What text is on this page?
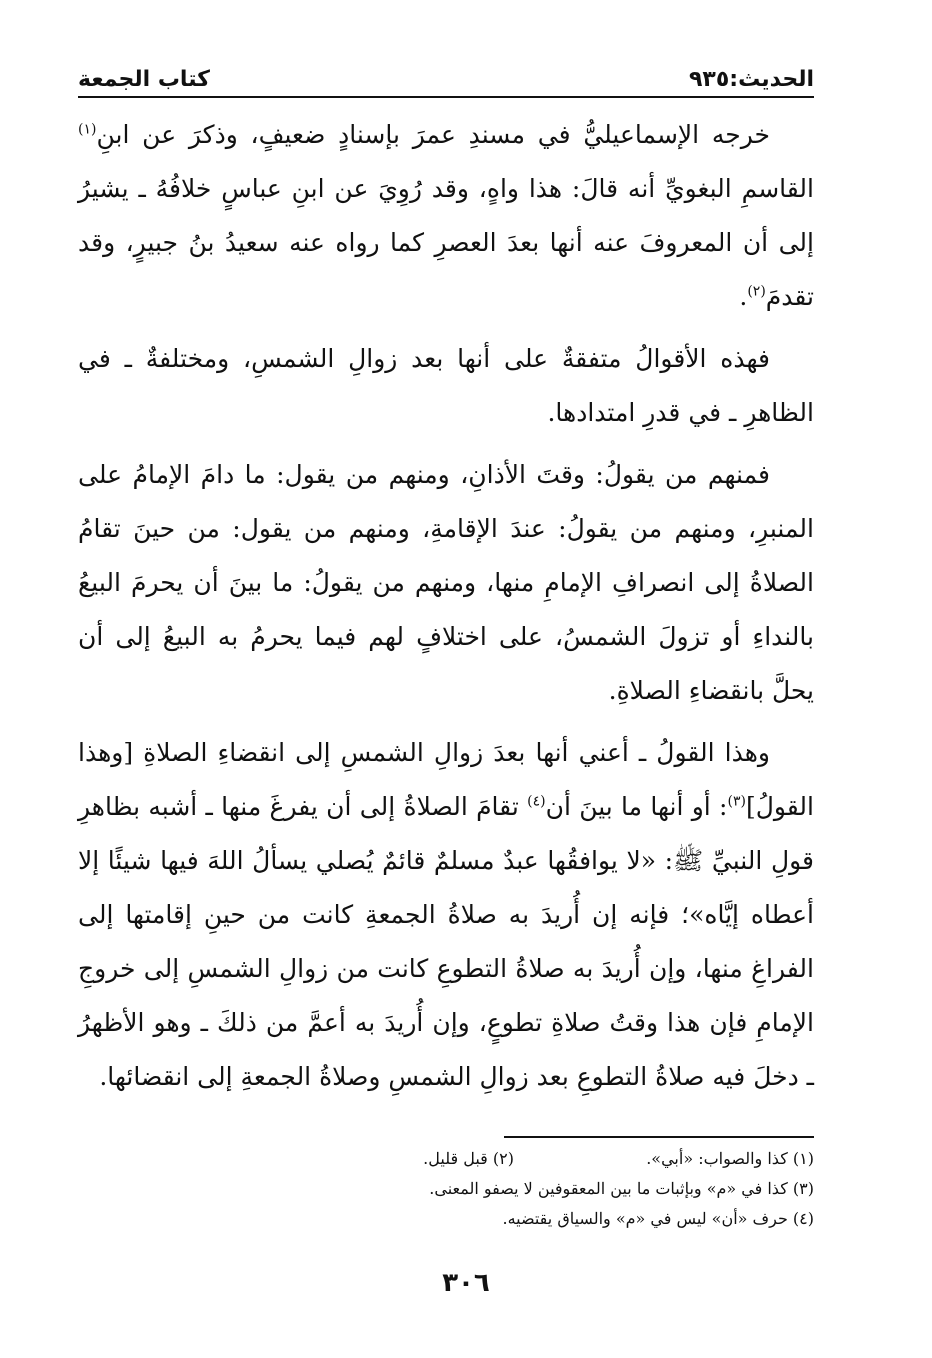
الحديث:٩٣٥
كتاب الجمعة

خرجه الإسماعيليُّ في مسندِ عمرَ بإسنادٍ ضعيفٍ، وذكرَ عن ابنِ$^{(١)}$ القاسمِ البغويِّ أنه قالَ: هذا واهٍ، وقد رُوِيَ عن ابنِ عباسٍ خلافُهُ ـ يشيرُ إلى أن المعروفَ عنه أنها بعدَ العصرِ كما رواه عنه سعيدُ بنُ جبيرٍ، وقد تقدمَ$^{(٢)}$.

فهذه الأقوالُ متفقةٌ على أنها بعد زوالِ الشمسِ، ومختلفةٌ ـ في الظاهرِ ـ في قدرِ امتدادها.

فمنهم من يقولُ: وقتَ الأذانِ، ومنهم من يقول: ما دامَ الإمامُ على المنبرِ، ومنهم من يقولُ: عندَ الإقامةِ، ومنهم من يقول: من حينَ تقامُ الصلاةُ إلى انصرافِ الإمامِ منها، ومنهم من يقولُ: ما بينَ أن يحرمَ البيعُ بالنداءِ أو تزولَ الشمسُ، على اختلافٍ لهم فيما يحرمُ به البيعُ إلى أن يحلَّ بانقضاءِ الصلاةِ.

وهذا القولُ ـ أعني أنها بعدَ زوالِ الشمسِ إلى انقضاءِ الصلاةِ [وهذا القولُ]$^{(٣)}$: أو أنها ما بينَ أن$^{(٤)}$ تقامَ الصلاةُ إلى أن يفرغَ منها ـ أشبه بظاهرِ قولِ النبيِّ ﷺ: «لا يوافقُها عبدٌ مسلمٌ قائمٌ يُصلي يسألُ اللهَ فيها شيئًا إلا أعطاه إيَّاه»؛ فإنه إن أُريدَ به صلاةُ الجمعةِ كانت من حينِ إقامتها إلى الفراغِ منها، وإن أُريدَ به صلاةُ التطوعِ كانت من زوالِ الشمسِ إلى خروجِ الإمامِ فإن هذا وقتُ صلاةِ تطوعٍ، وإن أُريدَ به أعمَّ من ذلكَ ـ وهو الأظهرُ ـ دخلَ فيه صلاةُ التطوعِ بعد زوالِ الشمسِ وصلاةُ الجمعةِ إلى انقضائها.

(١) كذا والصواب: «أبي».
(٢) قبل قليل.
(٣) كذا في «م» وبإثبات ما بين المعقوفين لا يصفو المعنى.
(٤) حرف «أن» ليس في «م» والسياق يقتضيه.
٣٠٦
